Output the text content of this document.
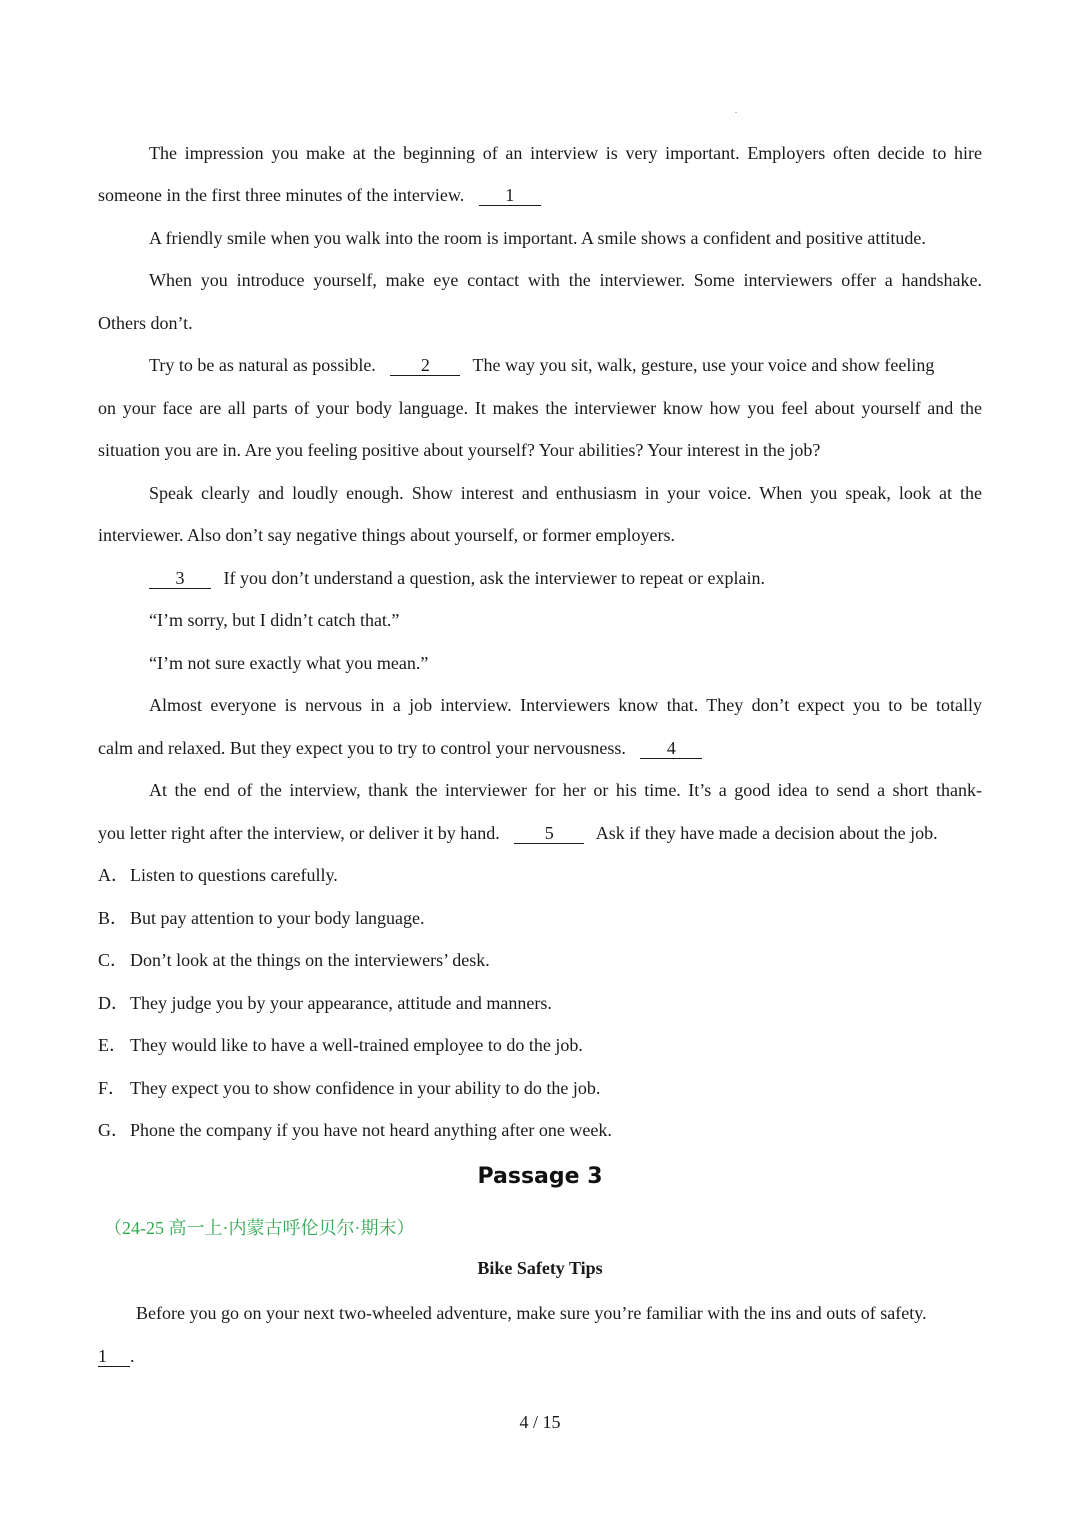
The impression you make at the beginning of an interview is very important. Employers often decide to hire
someone in the first three minutes of the interview. 1
A friendly smile when you walk into the room is important. A smile shows a confident and positive attitude.
When you introduce yourself, make eye contact with the interviewer. Some interviewers offer a handshake.
Others don’t.
Try to be as natural as possible.	2 The way you sit, walk, gesture, use your voice and show feeling
on your face are all parts of your body language. It makes the interviewer know how you feel about yourself and the
situation you are in. Are you feeling positive about yourself? Your abilities? Your interest in the job?
Speak clearly and loudly enough. Show interest and enthusiasm in your voice. When you speak, look at the
interviewer. Also don’t say negative things about yourself, or former employers.
3 If you don’t understand a question, ask the interviewer to repeat or explain.
“I’m sorry, but I didn’t catch that.”
“I’m not sure exactly what you mean.”
Almost everyone is nervous in a job interview. Interviewers know that. They don’t expect you to be totally
calm and relaxed. But they expect you to try to control your nervousness. 4
At the end of the interview, thank the interviewer for her or his time. It’s a good idea to send a short thank-
you letter right after the interview, or deliver it by hand.	5 Ask if they have made a decision about the job.
A．Listen to questions carefully.
B． But pay attention to your body language.
C． Don’t look at the things on the interviewers’ desk.
D．They judge you by your appearance, attitude and manners.
E． They would like to have a well-trained employee to do the job.
F． They expect you to show confidence in your ability to do the job.
G．Phone the company if you have not heard anything after one week.
Passage 3
（24-25 高一上·内蒙古呼伦贝尔·期末）
Bike Safety Tips
Before you go on your next two-wheeled adventure, make sure you’re familiar with the ins and outs of safety.
1 .
4 / 15
